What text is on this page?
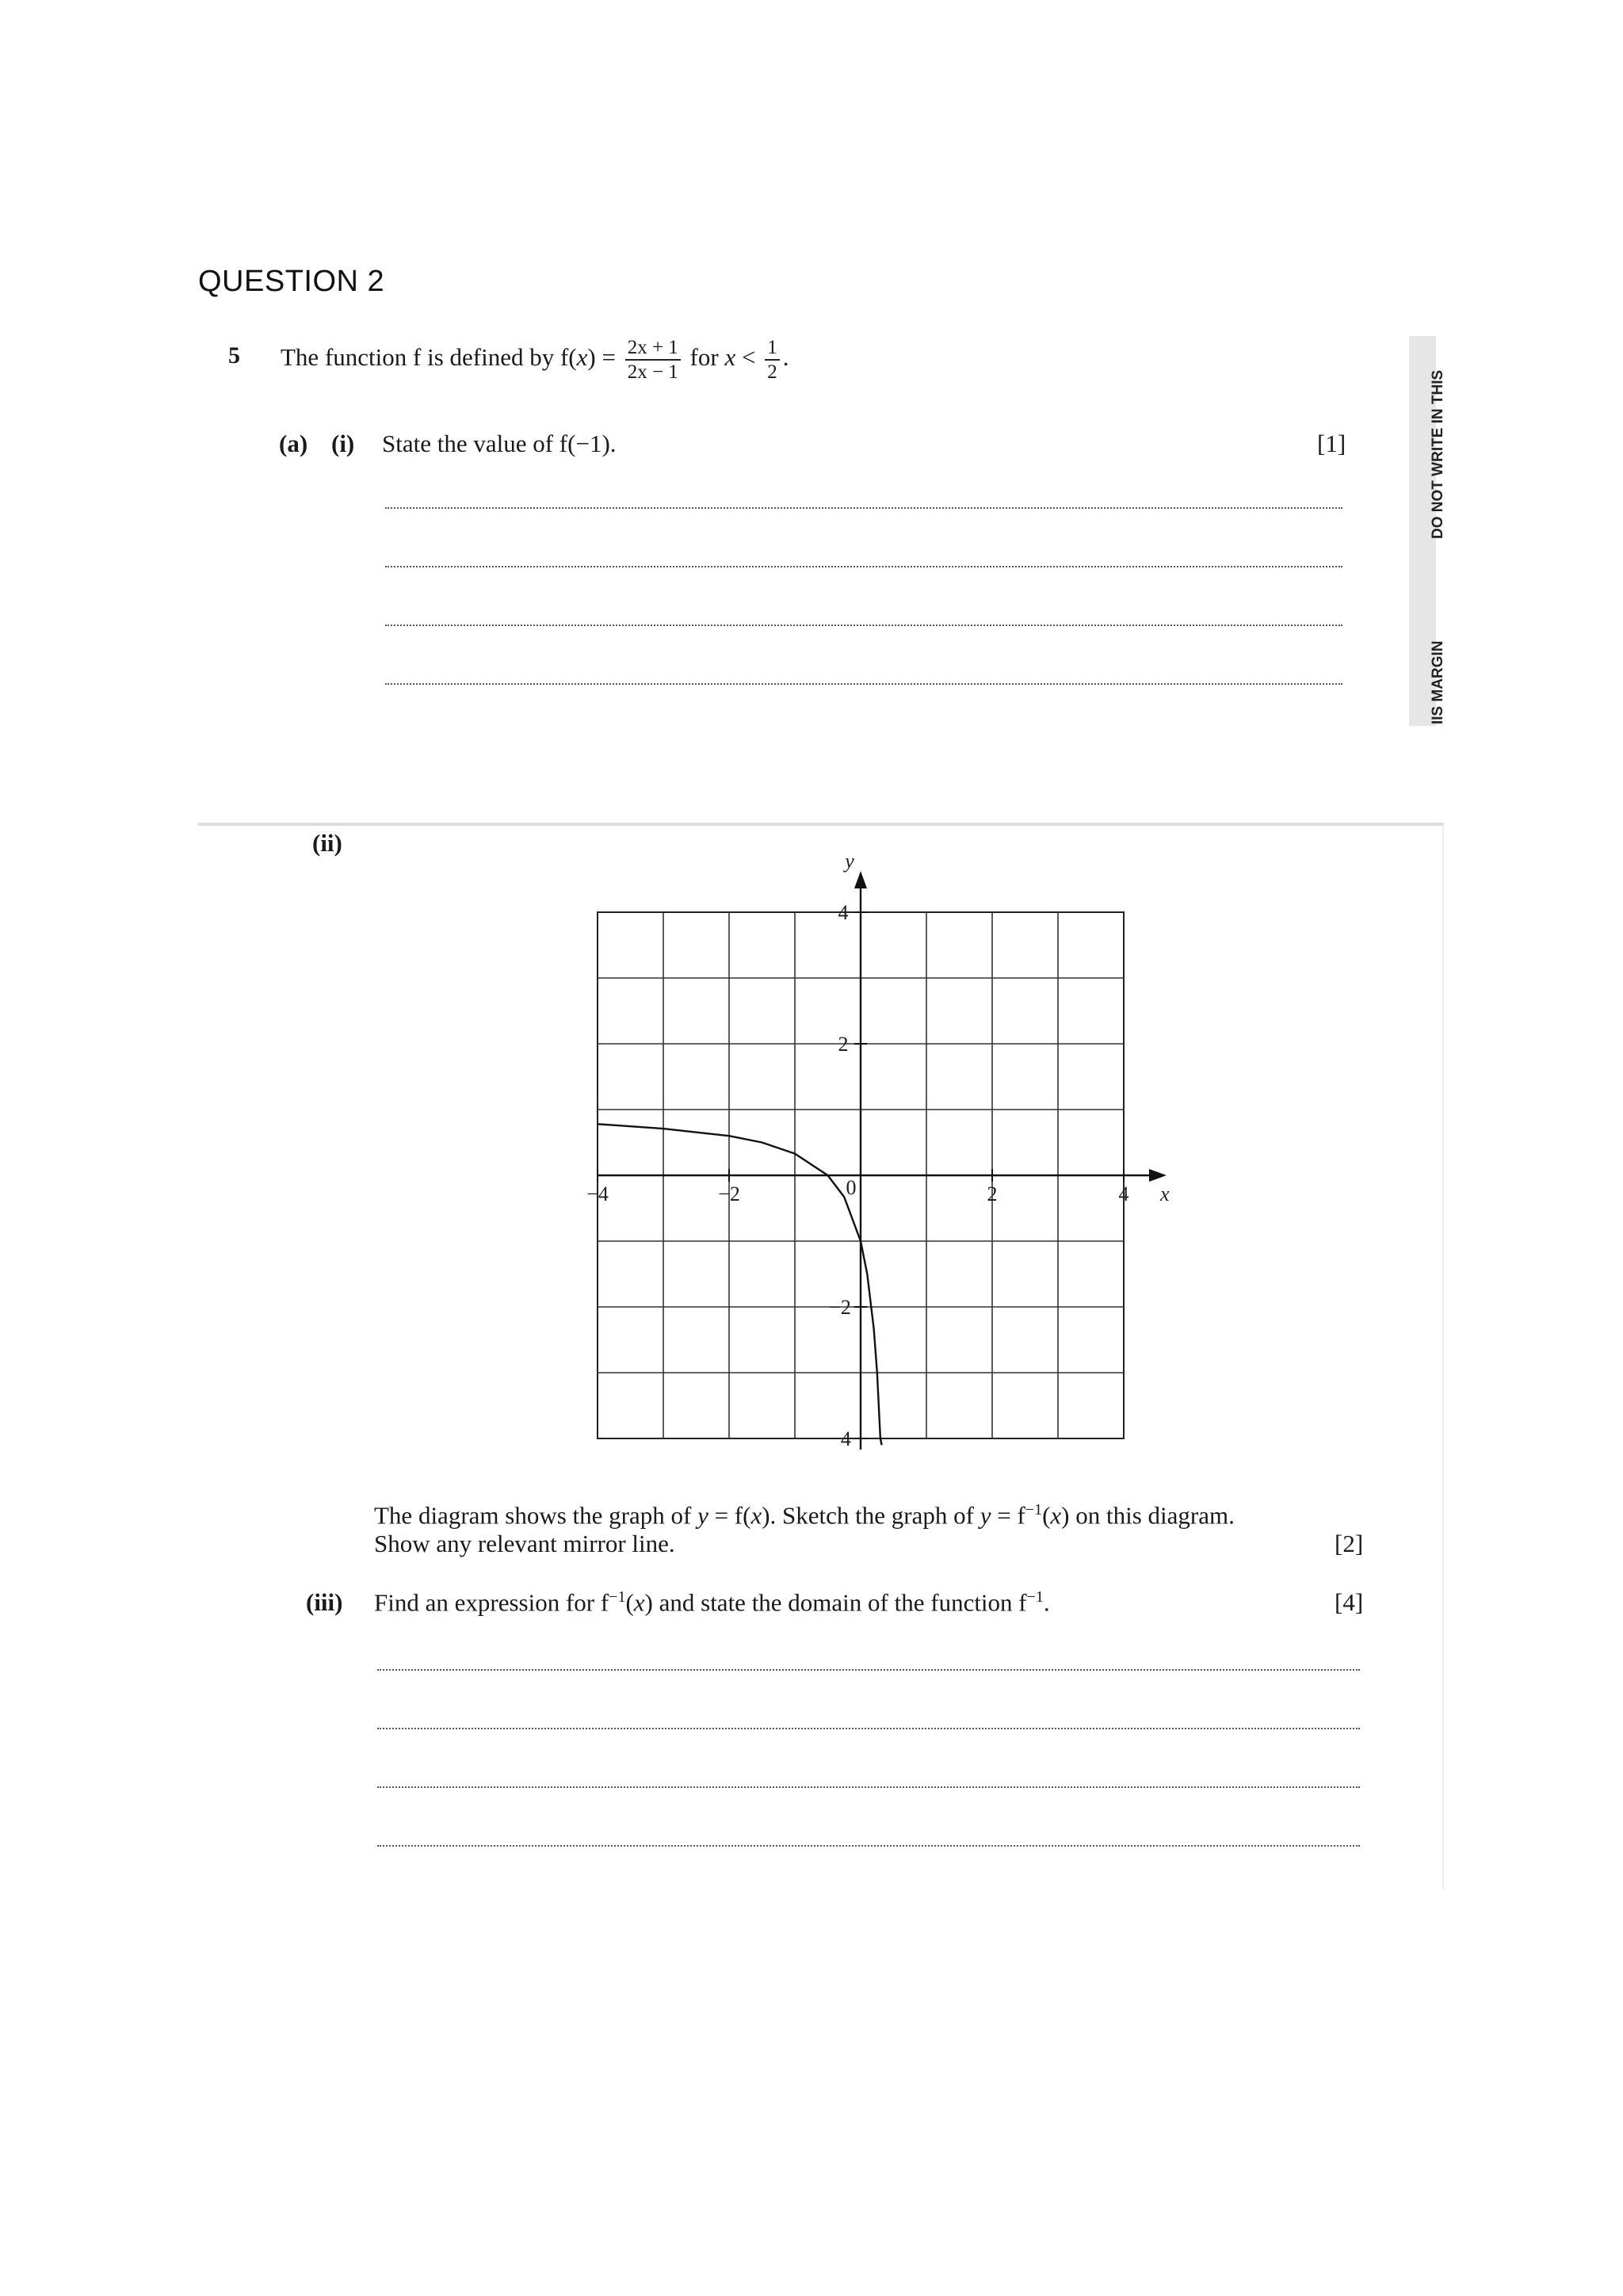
QUESTION 2
5 The function f is defined by $f(x) = \frac{2x + 1}{2x - 1}$ for $x < \frac{1}{2}$ .
(a) (i) State the value of f(−1).	[1]	DO NOT WRITE IN THIS
IIS MARGIN
(ii)
−4	−2	0	2	4
4
2
−2
−4
x
y
The diagram shows the graph of y = f(x). Sketch the graph of $y = f^{-1}(x)$ on this diagram.
Show any relevant mirror line.	[2]
(iii) Find an expression for $f^{-1}(x)$ and state the domain of the function $f^{-1}$.	[4]
